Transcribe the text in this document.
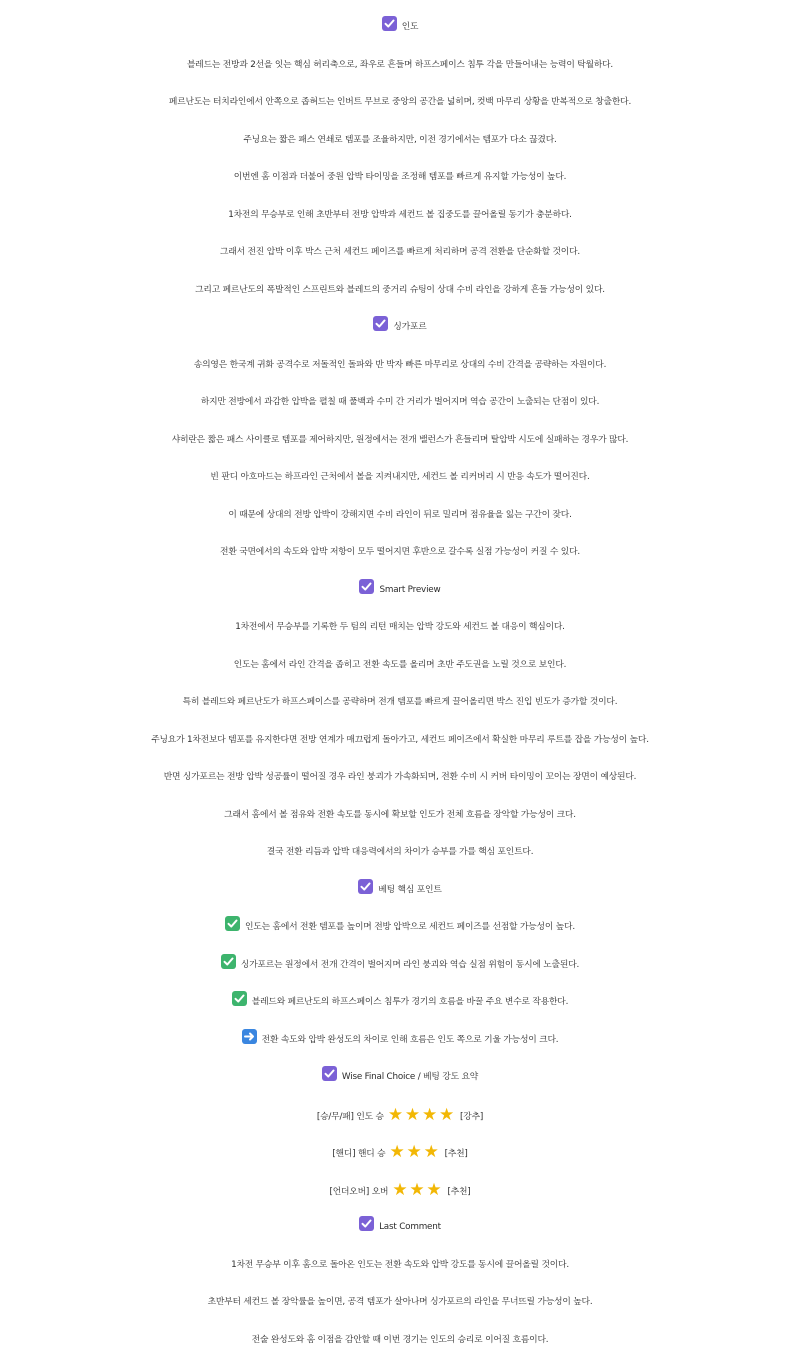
인도
블레드는 전방과 2선을 잇는 핵심 허리축으로, 좌우로 흔들며 하프스페이스 침투 각을 만들어내는 능력이 탁월하다.
페르난도는 터치라인에서 안쪽으로 좁혀드는 인버트 무브로 중앙의 공간을 넓히며, 컷백 마무리 상황을 반복적으로 창출한다.
주닝요는 짧은 패스 연쇄로 템포를 조율하지만, 이전 경기에서는 템포가 다소 끊겼다.
이번엔 홈 이점과 더불어 중원 압박 타이밍을 조정해 템포를 빠르게 유지할 가능성이 높다.
1차전의 무승부로 인해 초반부터 전방 압박과 세컨드 볼 집중도를 끌어올릴 동기가 충분하다.
그래서 전진 압박 이후 박스 근처 세컨드 페이즈를 빠르게 처리하며 공격 전환을 단순화할 것이다.
그리고 페르난도의 폭발적인 스프린트와 블레드의 중거리 슈팅이 상대 수비 라인을 강하게 흔들 가능성이 있다.
싱가포르
송의영은 한국계 귀화 공격수로 저돌적인 돌파와 반 박자 빠른 마무리로 상대의 수비 간격을 공략하는 자원이다.
하지만 전방에서 과감한 압박을 펼칠 때 풀백과 수미 간 거리가 벌어지며 역습 공간이 노출되는 단점이 있다.
샤히란은 짧은 패스 사이클로 템포를 제어하지만, 원정에서는 전개 밸런스가 흔들리며 탈압박 시도에 실패하는 경우가 많다.
빈 판디 아흐마드는 하프라인 근처에서 볼을 지켜내지만, 세컨드 볼 리커버리 시 반응 속도가 떨어진다.
이 때문에 상대의 전방 압박이 강해지면 수비 라인이 뒤로 밀리며 점유율을 잃는 구간이 잦다.
전환 국면에서의 속도와 압박 저항이 모두 떨어지면 후반으로 갈수록 실점 가능성이 커질 수 있다.
Smart Preview
1차전에서 무승부를 기록한 두 팀의 리턴 매치는 압박 강도와 세컨드 볼 대응이 핵심이다.
인도는 홈에서 라인 간격을 좁히고 전환 속도를 올리며 초반 주도권을 노릴 것으로 보인다.
특히 블레드와 페르난도가 하프스페이스를 공략하며 전개 템포를 빠르게 끌어올리면 박스 진입 빈도가 증가할 것이다.
주닝요가 1차전보다 템포를 유지한다면 전방 연계가 매끄럽게 돌아가고, 세컨드 페이즈에서 확실한 마무리 루트를 잡을 가능성이 높다.
반면 싱가포르는 전방 압박 성공률이 떨어질 경우 라인 붕괴가 가속화되며, 전환 수비 시 커버 타이밍이 꼬이는 장면이 예상된다.
그래서 홈에서 볼 점유와 전환 속도를 동시에 확보할 인도가 전체 흐름을 장악할 가능성이 크다.
결국 전환 리듬과 압박 대응력에서의 차이가 승부를 가를 핵심 포인트다.
베팅 핵심 포인트
인도는 홈에서 전환 템포를 높이며 전방 압박으로 세컨드 페이즈를 선점할 가능성이 높다.
싱가포르는 원정에서 전개 간격이 벌어지며 라인 붕괴와 역습 실점 위험이 동시에 노출된다.
블레드와 페르난도의 하프스페이스 침투가 경기의 흐름을 바꿀 주요 변수로 작용한다.
전환 속도와 압박 완성도의 차이로 인해 흐름은 인도 쪽으로 기울 가능성이 크다.
Wise Final Choice / 베팅 강도 요약
[승/무/패] 인도 승 ★ ★ ★ ★ [강추]
[핸디] 핸디 승 ★ ★ ★ [추천]
[언더오버] 오버 ★ ★ ★ [추천]
Last Comment
1차전 무승부 이후 홈으로 돌아온 인도는 전환 속도와 압박 강도를 동시에 끌어올릴 것이다.
초반부터 세컨드 볼 장악률을 높이면, 공격 템포가 살아나며 싱가포르의 라인을 무너뜨릴 가능성이 높다.
전술 완성도와 홈 이점을 감안할 때 이번 경기는 인도의 승리로 이어질 흐름이다.
